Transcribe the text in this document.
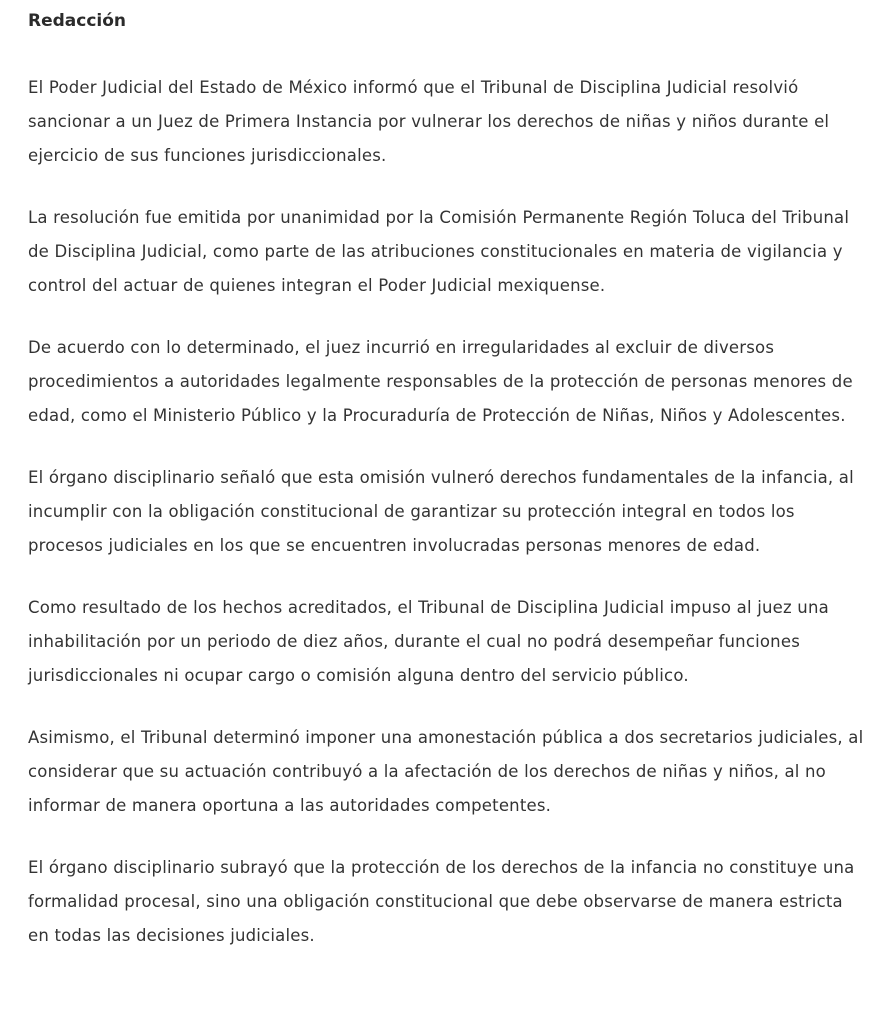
Redacción

El Poder Judicial del Estado de México informó que el Tribunal de Disciplina Judicial resolvió sancionar a un Juez de Primera Instancia por vulnerar los derechos de niñas y niños durante el ejercicio de sus funciones jurisdiccionales.

La resolución fue emitida por unanimidad por la Comisión Permanente Región Toluca del Tribunal de Disciplina Judicial, como parte de las atribuciones constitucionales en materia de vigilancia y control del actuar de quienes integran el Poder Judicial mexiquense.

De acuerdo con lo determinado, el juez incurrió en irregularidades al excluir de diversos procedimientos a autoridades legalmente responsables de la protección de personas menores de edad, como el Ministerio Público y la Procuraduría de Protección de Niñas, Niños y Adolescentes.

El órgano disciplinario señaló que esta omisión vulneró derechos fundamentales de la infancia, al incumplir con la obligación constitucional de garantizar su protección integral en todos los procesos judiciales en los que se encuentren involucradas personas menores de edad.

Como resultado de los hechos acreditados, el Tribunal de Disciplina Judicial impuso al juez una inhabilitación por un periodo de diez años, durante el cual no podrá desempeñar funciones jurisdiccionales ni ocupar cargo o comisión alguna dentro del servicio público.

Asimismo, el Tribunal determinó imponer una amonestación pública a dos secretarios judiciales, al considerar que su actuación contribuyó a la afectación de los derechos de niñas y niños, al no informar de manera oportuna a las autoridades competentes.

El órgano disciplinario subrayó que la protección de los derechos de la infancia no constituye una formalidad procesal, sino una obligación constitucional que debe observarse de manera estricta en todas las decisiones judiciales.
